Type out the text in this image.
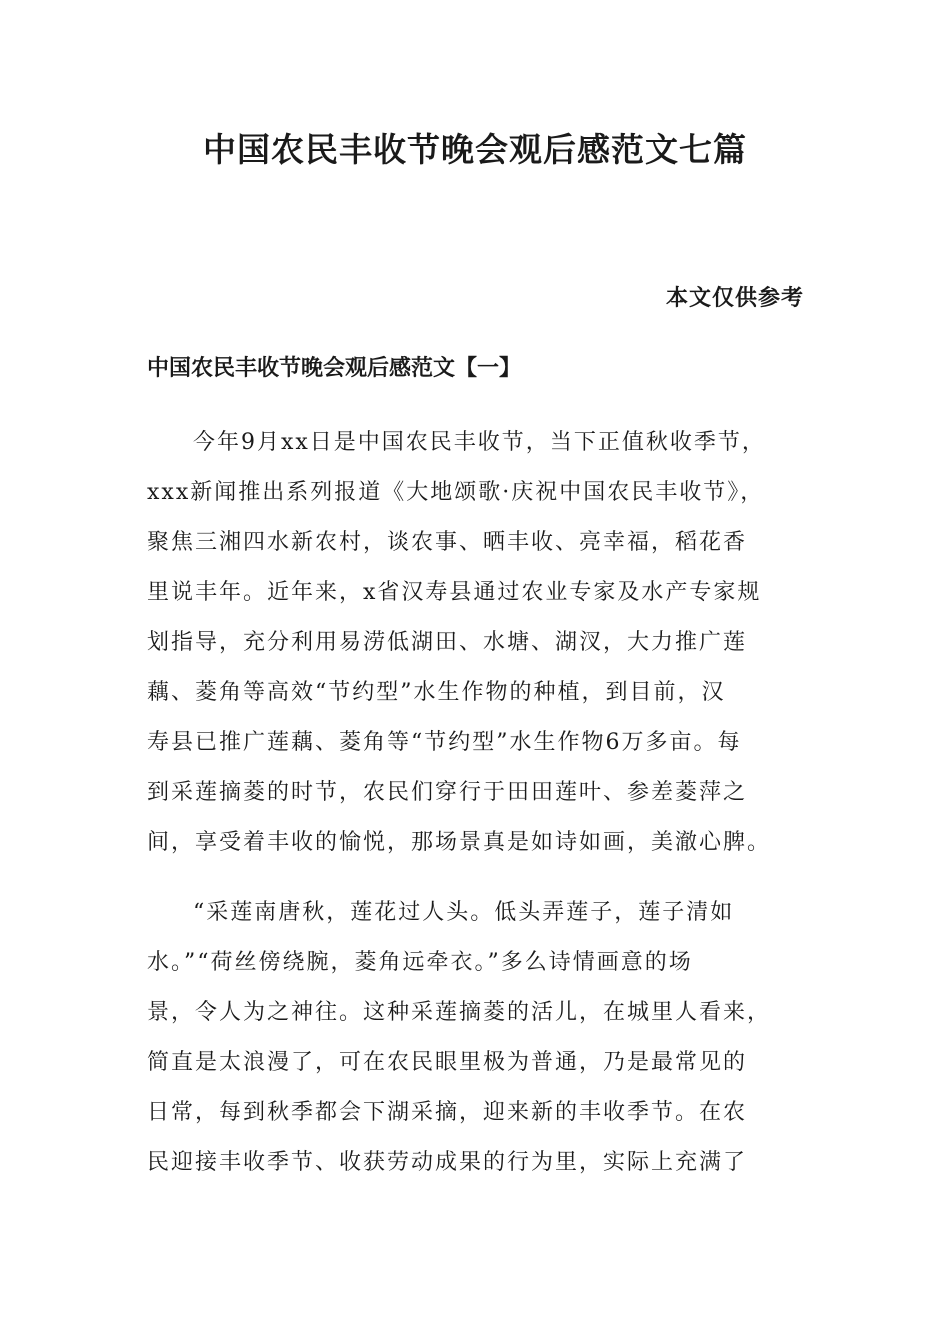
中国农民丰收节晚会观后感范文七篇
本文仅供参考
中国农民丰收节晚会观后感范文【一】

今年9月xx日是中国农民丰收节，当下正值秋收季节，
xxx新闻推出系列报道《大地颂歌·庆祝中国农民丰收节》，
聚焦三湘四水新农村，谈农事、晒丰收、亮幸福，稻花香
里说丰年。近年来，x省汉寿县通过农业专家及水产专家规
划指导，充分利用易涝低湖田、水塘、湖汊，大力推广莲
藕、菱角等高效“节约型”水生作物的种植，到目前，汉
寿县已推广莲藕、菱角等“节约型”水生作物6万多亩。每
到采莲摘菱的时节，农民们穿行于田田莲叶、参差菱萍之
间，享受着丰收的愉悦，那场景真是如诗如画，美澈心脾。

“采莲南唐秋，莲花过人头。低头弄莲子，莲子清如
水。”“荷丝傍绕腕，菱角远牵衣。”多么诗情画意的场
景，令人为之神往。这种采莲摘菱的活儿，在城里人看来，
简直是太浪漫了，可在农民眼里极为普通，乃是最常见的
日常，每到秋季都会下湖采摘，迎来新的丰收季节。在农
民迎接丰收季节、收获劳动成果的行为里，实际上充满了
